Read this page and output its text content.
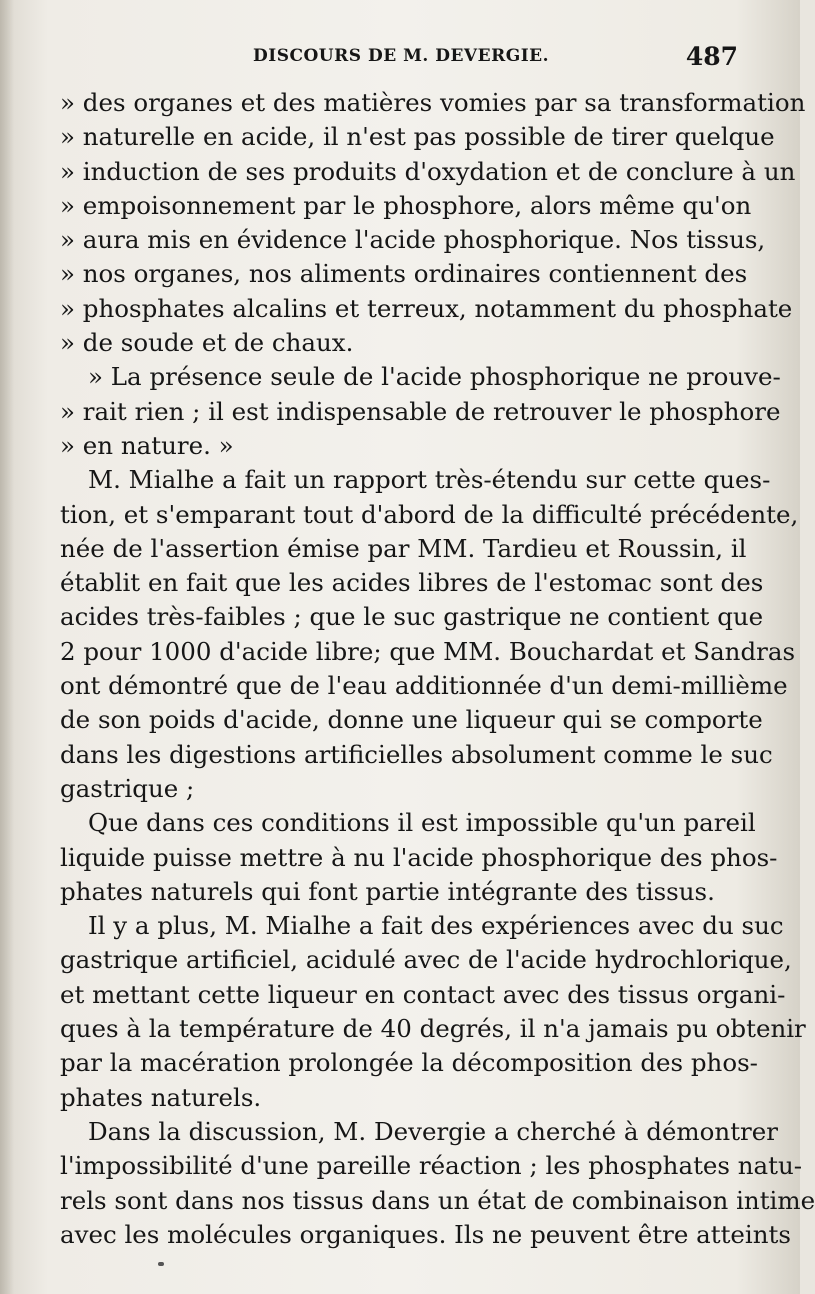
DISCOURS DE M. DEVERGIE.	487
» des organes et des matières vomies par sa transformation
» naturelle en acide, il n'est pas possible de tirer quelque
» induction de ses produits d'oxydation et de conclure à un
» empoisonnement par le phosphore, alors même qu'on
» aura mis en évidence l'acide phosphorique. Nos tissus,
» nos organes, nos aliments ordinaires contiennent des
» phosphates alcalins et terreux, notamment du phosphate
» de soude et de chaux.
» La présence seule de l'acide phosphorique ne prouve-
» rait rien ; il est indispensable de retrouver le phosphore
» en nature. »
M. Mialhe a fait un rapport très-étendu sur cette ques-
tion, et s'emparant tout d'abord de la difficulté précédente,
née de l'assertion émise par MM. Tardieu et Roussin, il
établit en fait que les acides libres de l'estomac sont des
acides très-faibles ; que le suc gastrique ne contient que
2 pour 1000 d'acide libre; que MM. Bouchardat et Sandras
ont démontré que de l'eau additionnée d'un demi-millième
de son poids d'acide, donne une liqueur qui se comporte
dans les digestions artificielles absolument comme le suc
gastrique ;
Que dans ces conditions il est impossible qu'un pareil
liquide puisse mettre à nu l'acide phosphorique des phos-
phates naturels qui font partie intégrante des tissus.
Il y a plus, M. Mialhe a fait des expériences avec du suc
gastrique artificiel, acidulé avec de l'acide hydrochlorique,
et mettant cette liqueur en contact avec des tissus organi-
ques à la température de 40 degrés, il n'a jamais pu obtenir
par la macération prolongée la décomposition des phos-
phates naturels.
Dans la discussion, M. Devergie a cherché à démontrer
l'impossibilité d'une pareille réaction ; les phosphates natu-
rels sont dans nos tissus dans un état de combinaison intime
avec les molécules organiques. Ils ne peuvent être atteints
